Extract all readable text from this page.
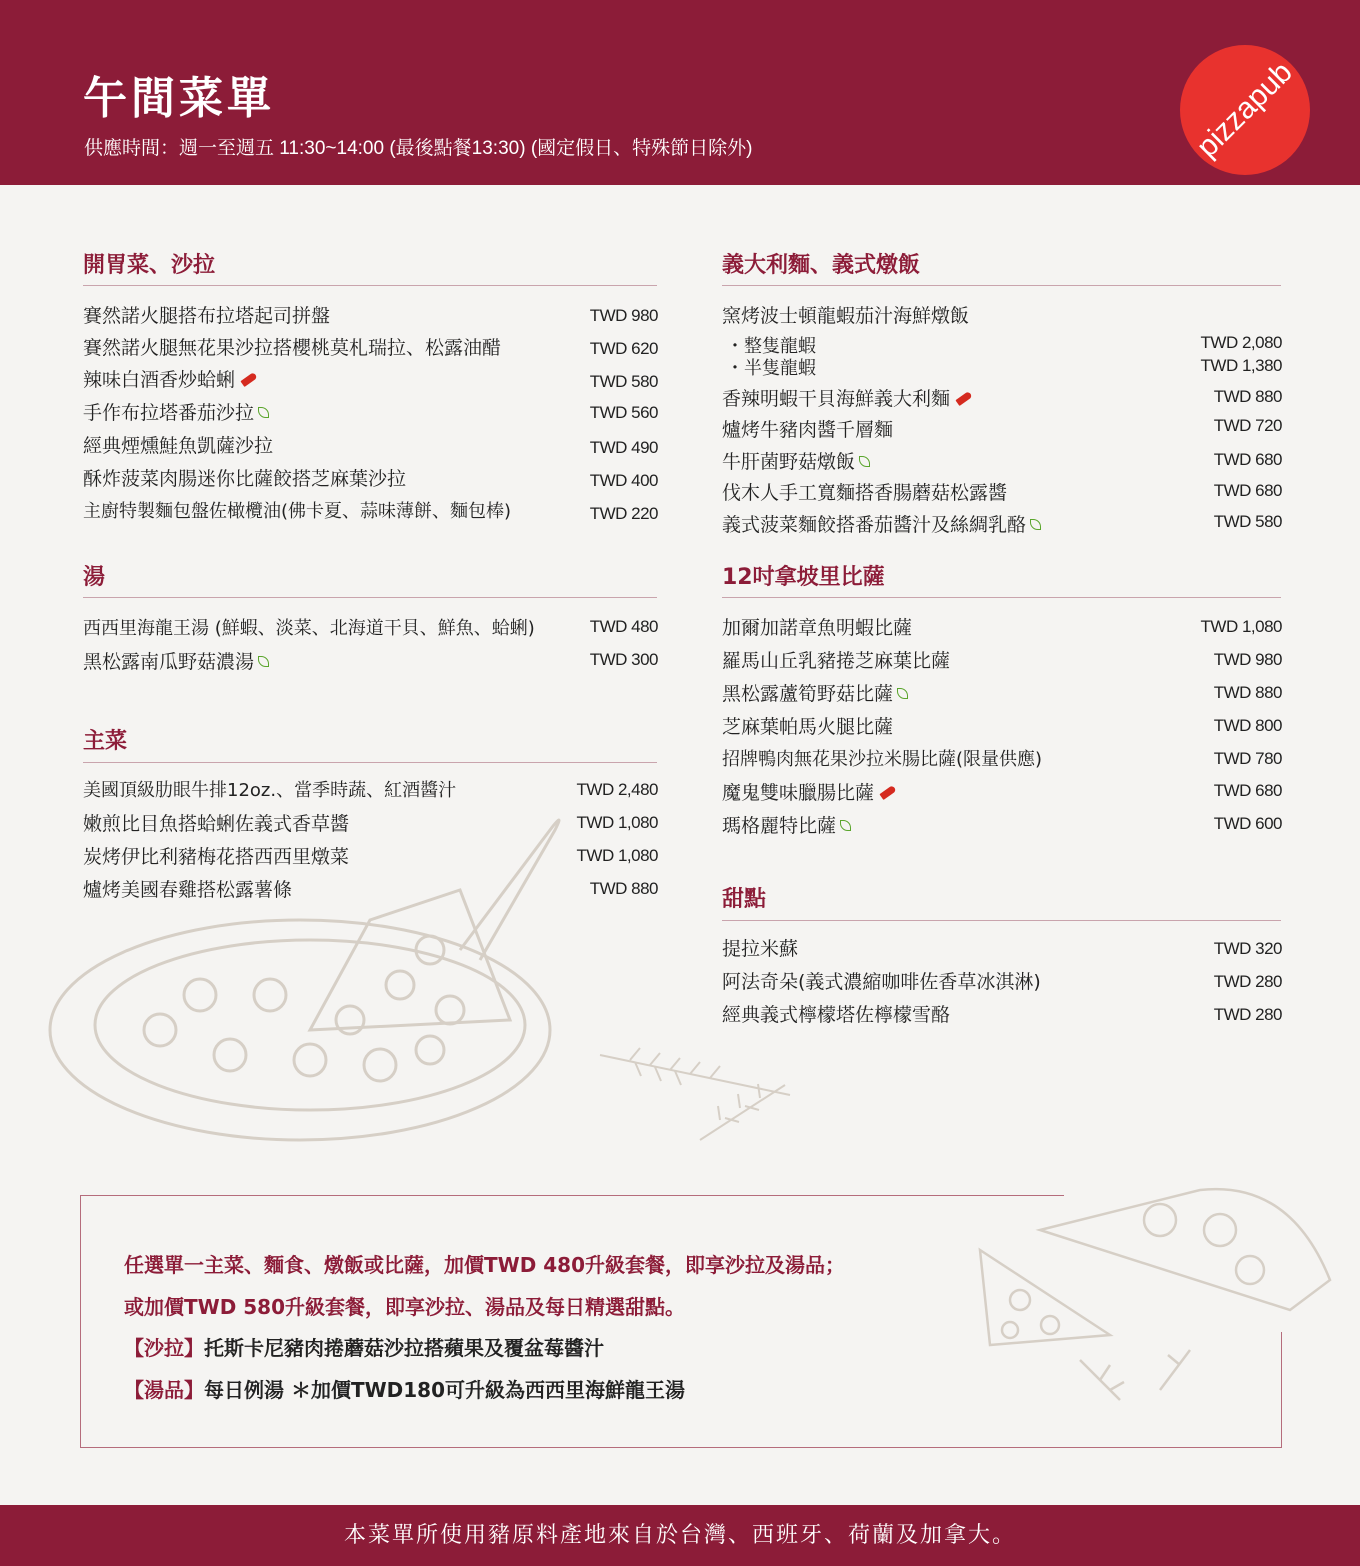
午間菜單
供應時間：週一至週五 11:30~14:00 (最後點餐13:30) (國定假日、特殊節日除外)	pizzapub
開胃菜、沙拉
賽然諾火腿搭布拉塔起司拼盤	TWD 980
賽然諾火腿無花果沙拉搭櫻桃莫札瑞拉、松露油醋	TWD 620
辣味白酒香炒蛤蜊	TWD 580
手作布拉塔番茄沙拉	TWD 560
經典煙燻鮭魚凱薩沙拉	TWD 490
酥炸菠菜肉腸迷你比薩餃搭芝麻葉沙拉	TWD 400
主廚特製麵包盤佐橄欖油(佛卡夏、蒜味薄餅、麵包棒)	TWD 220
湯
西西里海龍王湯 (鮮蝦、淡菜、北海道干貝、鮮魚、蛤蜊)	TWD 480
黑松露南瓜野菇濃湯	TWD 300
主菜
美國頂級肋眼牛排12oz.、當季時蔬、紅酒醬汁	TWD 2,480
嫩煎比目魚搭蛤蜊佐義式香草醬	TWD 1,080
炭烤伊比利豬梅花搭西西里燉菜	TWD 1,080
爐烤美國春雞搭松露薯條	TWD 880
義大利麵、義式燉飯
窯烤波士頓龍蝦茄汁海鮮燉飯
・整隻龍蝦	TWD 2,080
・半隻龍蝦	TWD 1,380
香辣明蝦干貝海鮮義大利麵	TWD 880
爐烤牛豬肉醬千層麵	TWD 720
牛肝菌野菇燉飯	TWD 680
伐木人手工寬麵搭香腸蘑菇松露醬	TWD 680
義式菠菜麵餃搭番茄醬汁及絲綢乳酪	TWD 580
12吋拿坡里比薩
加爾加諾章魚明蝦比薩	TWD 1,080
羅馬山丘乳豬捲芝麻葉比薩	TWD 980
黑松露蘆筍野菇比薩	TWD 880
芝麻葉帕馬火腿比薩	TWD 800
招牌鴨肉無花果沙拉米腸比薩(限量供應)	TWD 780
魔鬼雙味臘腸比薩	TWD 680
瑪格麗特比薩	TWD 600
甜點
提拉米蘇	TWD 320
阿法奇朵(義式濃縮咖啡佐香草冰淇淋)	TWD 280
經典義式檸檬塔佐檸檬雪酪	TWD 280
任選單一主菜、麵食、燉飯或比薩，加價TWD 480升級套餐，即享沙拉及湯品；
或加價TWD 580升級套餐，即享沙拉、湯品及每日精選甜點。
【沙拉】托斯卡尼豬肉捲蘑菇沙拉搭蘋果及覆盆莓醬汁
【湯品】每日例湯 ＊加價TWD180可升級為西西里海鮮龍王湯
本菜單所使用豬原料產地來自於台灣、西班牙、荷蘭及加拿大。
